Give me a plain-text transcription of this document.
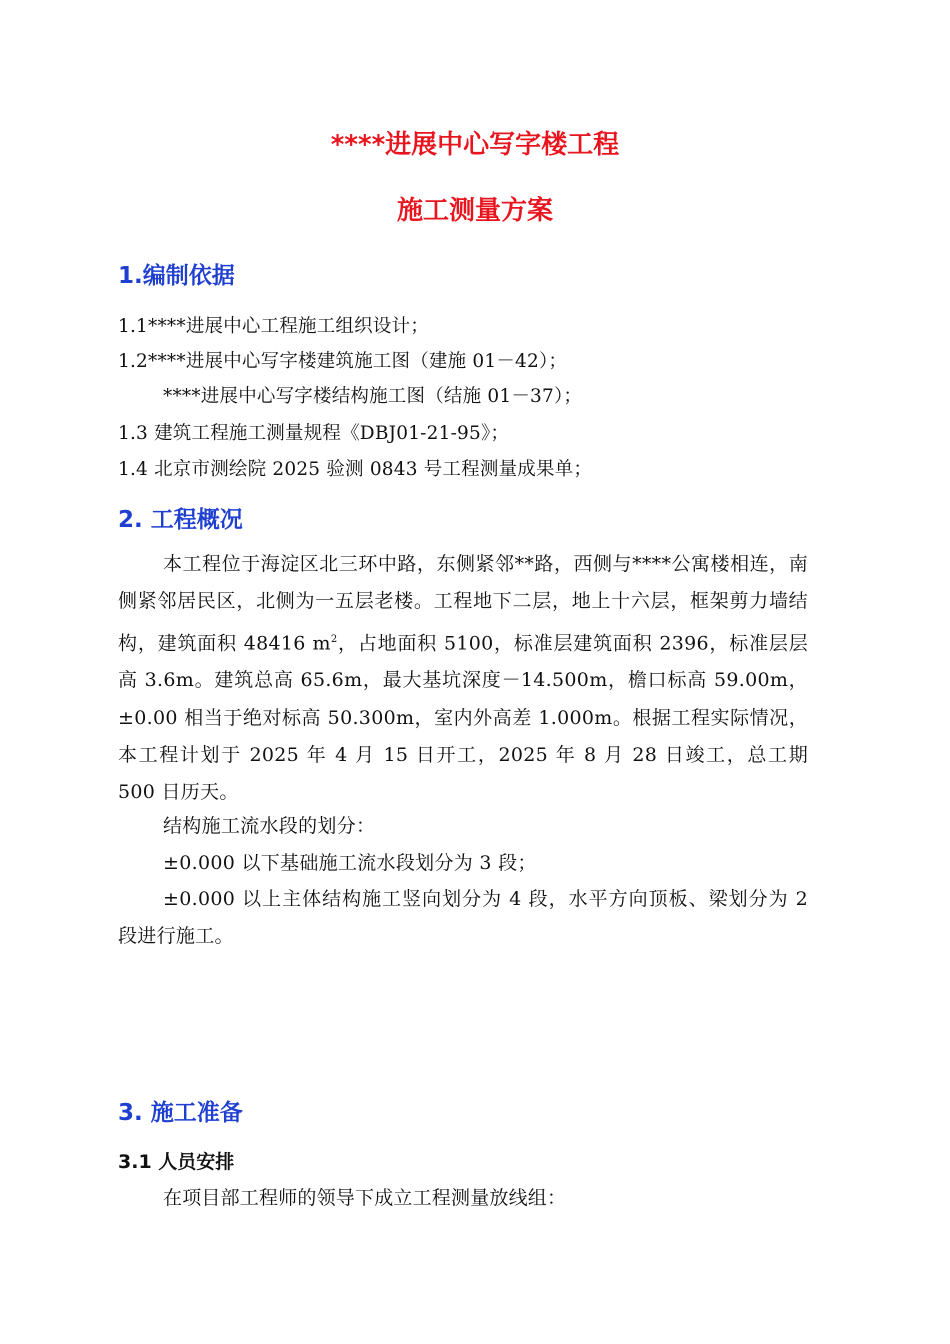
****进展中心写字楼工程
施工测量方案
1.编制依据
1.1****进展中心工程施工组织设计；
1.2****进展中心写字楼建筑施工图（建施 01－42）；
****进展中心写字楼结构施工图（结施 01－37）；
1.3 建筑工程施工测量规程《DBJ01-21-95》；
1.4 北京市测绘院 2025 验测 0843 号工程测量成果单；
2. 工程概况
本工程位于海淀区北三环中路，东侧紧邻**路，西侧与****公寓楼相连，南侧紧邻居民区，北侧为一五层老楼。工程地下二层，地上十六层，框架剪力墙结构，建筑面积 48416 $m^2$，占地面积 5100，标准层建筑面积 2396，标准层层高 3.6m。建筑总高 65.6m，最大基坑深度－14.500m，檐口标高 59.00m，±0.00 相当于绝对标高 50.300m，室内外高差 1.000m。根据工程实际情况，本工程计划于 2025 年 4 月 15 日开工，2025 年 8 月 28 日竣工，总工期 500 日历天。
结构施工流水段的划分：
±0.000 以下基础施工流水段划分为 3 段；
±0.000 以上主体结构施工竖向划分为 4 段，水平方向顶板、梁划分为 2 段进行施工。
3. 施工准备
3.1 人员安排
在项目部工程师的领导下成立工程测量放线组：
